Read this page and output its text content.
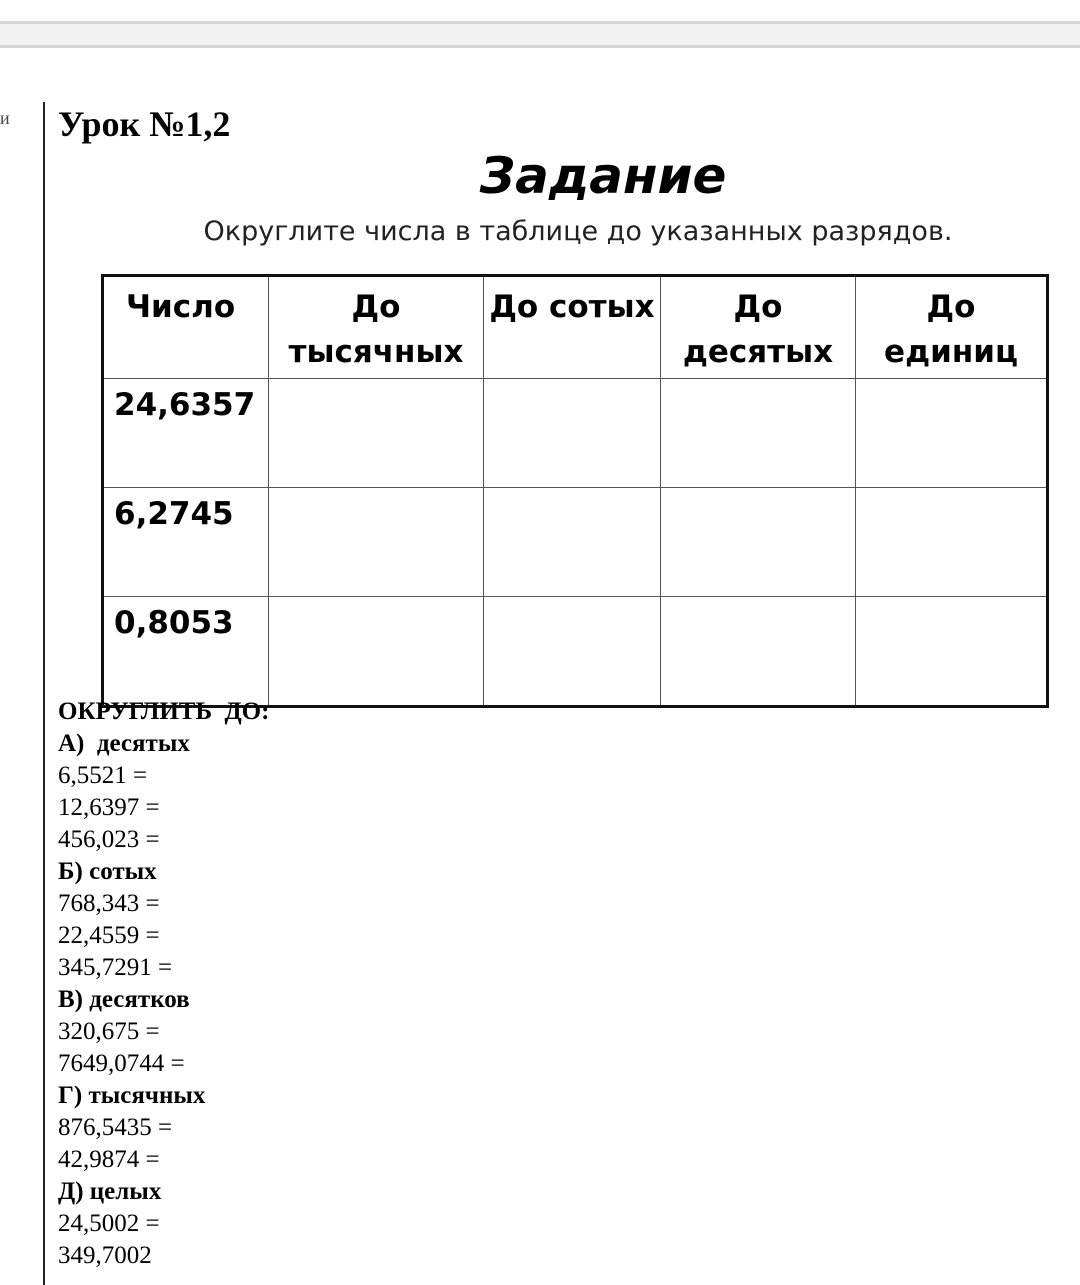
и Урок №1,2
Задание
Округлите числа в таблице до указанных разрядов.
Число	До тысячных	До сотых	До десятых	До единиц
24,6357				
6,2745				
0,8053				
ОКРУГЛИТЬ  ДО:
А)  десятых
6,5521 =
12,6397 =
456,023 =
Б) сотых
768,343 =
22,4559 =
345,7291 =
В) десятков
320,675 =
7649,0744 =
Г) тысячных
876,5435 =
42,9874 =
Д) целых
24,5002 =
349,7002
